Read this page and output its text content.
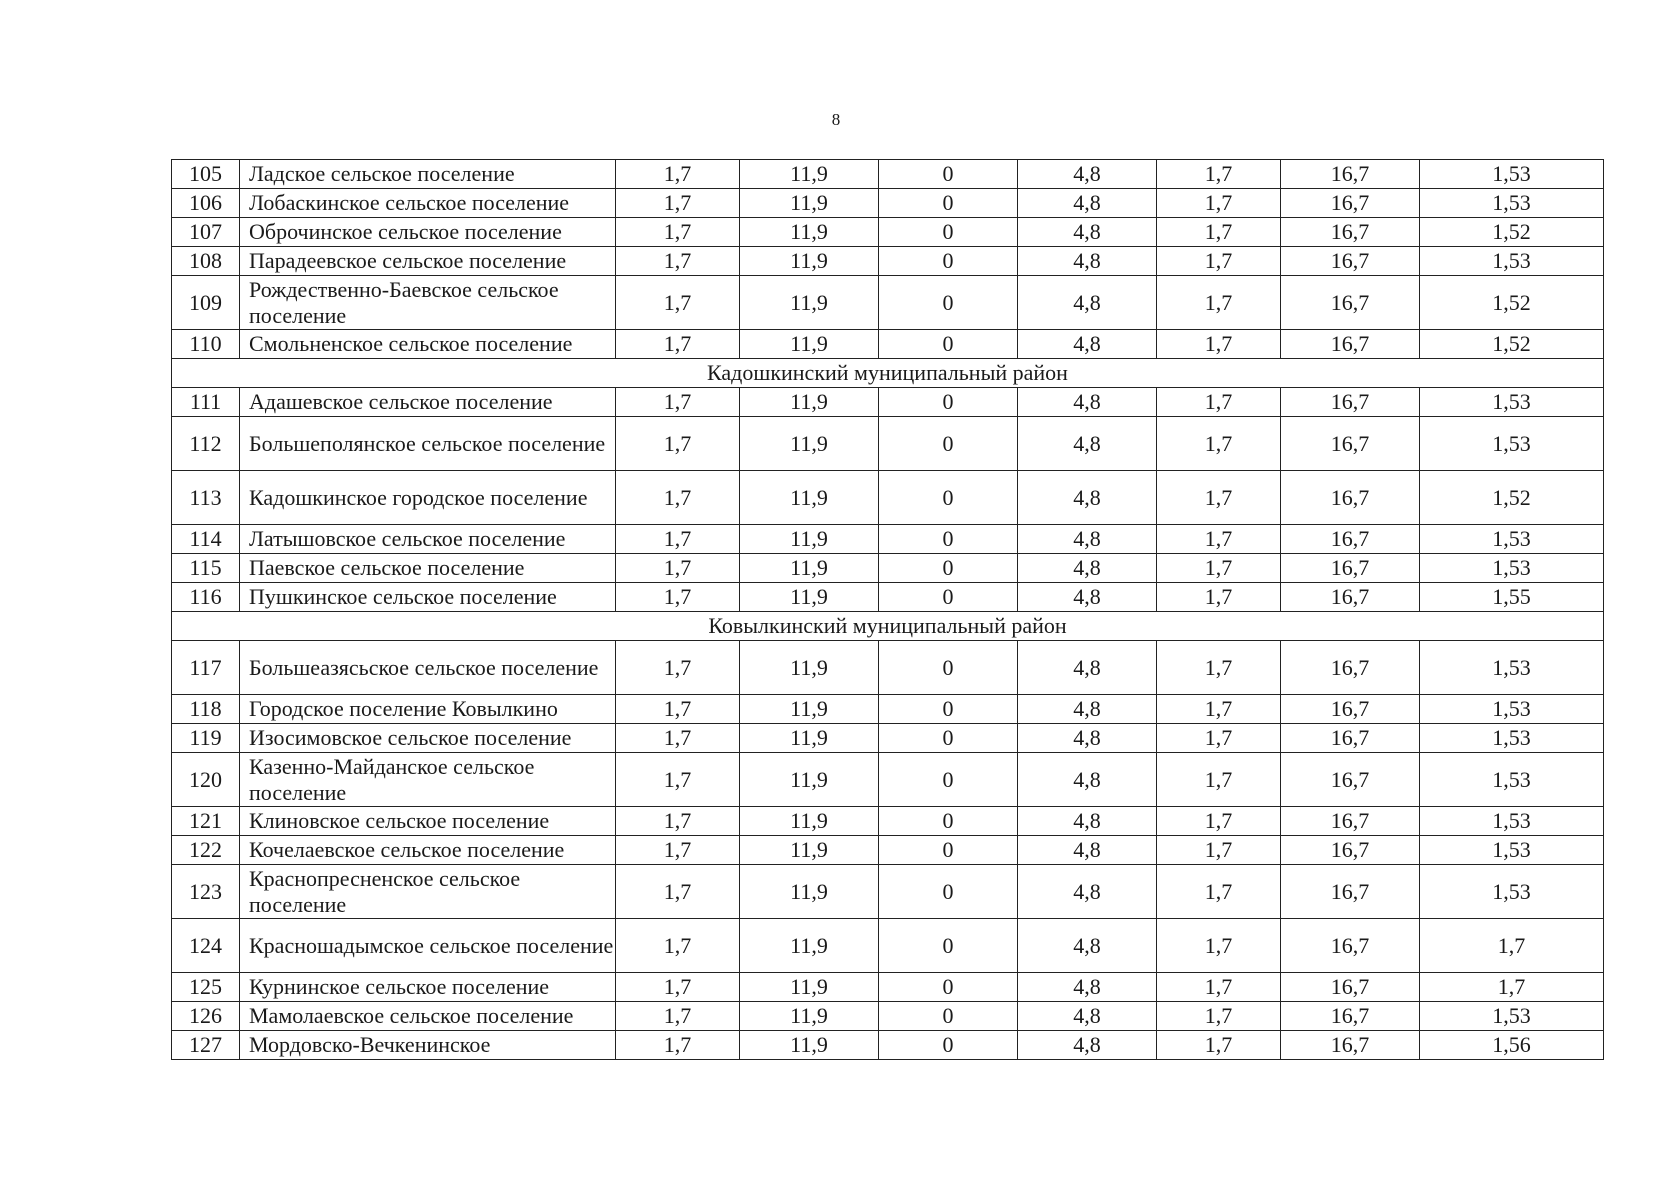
8
105	Ладское сельское поселение	1,7	11,9	0	4,8	1,7	16,7	1,53
106	Лобаскинское сельское поселение	1,7	11,9	0	4,8	1,7	16,7	1,53
107	Оброчинское сельское поселение	1,7	11,9	0	4,8	1,7	16,7	1,52
108	Парадеевское сельское поселение	1,7	11,9	0	4,8	1,7	16,7	1,53
109	Рождественно-Баевское сельское поселение	1,7	11,9	0	4,8	1,7	16,7	1,52
110	Смольненское сельское поселение	1,7	11,9	0	4,8	1,7	16,7	1,52
Кадошкинский муниципальный район								
111	Адашевское сельское поселение	1,7	11,9	0	4,8	1,7	16,7	1,53
112	Большеполянское сельское поселение	1,7	11,9	0	4,8	1,7	16,7	1,53
113	Кадошкинское городское поселение	1,7	11,9	0	4,8	1,7	16,7	1,52
114	Латышовское сельское поселение	1,7	11,9	0	4,8	1,7	16,7	1,53
115	Паевское сельское поселение	1,7	11,9	0	4,8	1,7	16,7	1,53
116	Пушкинское сельское поселение	1,7	11,9	0	4,8	1,7	16,7	1,55
Ковылкинский муниципальный район								
117	Большеазясьское сельское поселение	1,7	11,9	0	4,8	1,7	16,7	1,53
118	Городское поселение Ковылкино	1,7	11,9	0	4,8	1,7	16,7	1,53
119	Изосимовское сельское поселение	1,7	11,9	0	4,8	1,7	16,7	1,53
120	Казенно-Майданское сельское поселение	1,7	11,9	0	4,8	1,7	16,7	1,53
121	Клиновское сельское поселение	1,7	11,9	0	4,8	1,7	16,7	1,53
122	Кочелаевское сельское поселение	1,7	11,9	0	4,8	1,7	16,7	1,53
123	Краснопресненское сельское поселение	1,7	11,9	0	4,8	1,7	16,7	1,53
124	Красношадымское сельское поселение	1,7	11,9	0	4,8	1,7	16,7	1,7
125	Курнинское сельское поселение	1,7	11,9	0	4,8	1,7	16,7	1,7
126	Мамолаевское сельское поселение	1,7	11,9	0	4,8	1,7	16,7	1,53
127	Мордовско-Вечкенинское	1,7	11,9	0	4,8	1,7	16,7	1,56
